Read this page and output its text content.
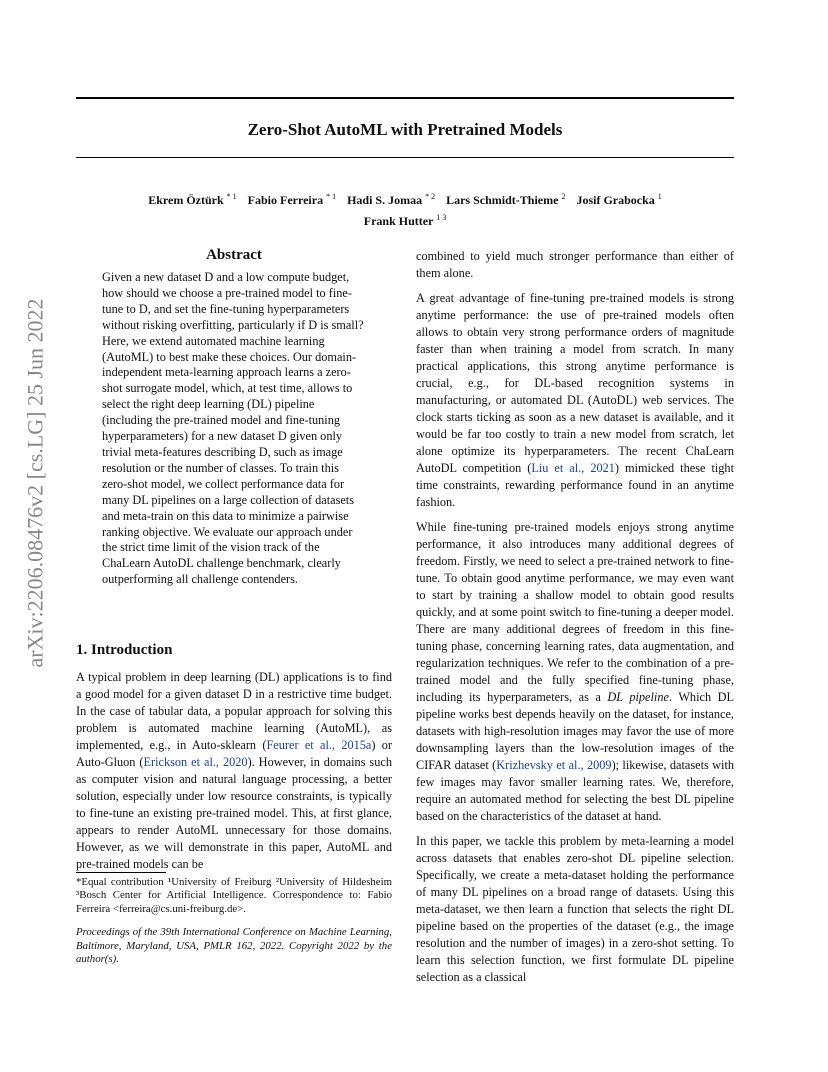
arXiv:2206.08476v2 [cs.LG] 25 Jun 2022
Zero-Shot AutoML with Pretrained Models
Ekrem Öztürk $^{* 1}$ Fabio Ferreira $^{* 1}$ Hadi S. Jomaa $^{* 2}$ Lars Schmidt-Thieme $^2$ Josif Grabocka $^1$
Frank Hutter $^{1 3}$
Abstract

Given a new dataset D and a low compute budget, how should we choose a pre-trained model to fine-tune to D, and set the fine-tuning hyperparameters without risking overfitting, particularly if D is small? Here, we extend automated machine learning (AutoML) to best make these choices. Our domain-independent meta-learning approach learns a zero-shot surrogate model, which, at test time, allows to select the right deep learning (DL) pipeline (including the pre-trained model and fine-tuning hyperparameters) for a new dataset D given only trivial meta-features describing D, such as image resolution or the number of classes. To train this zero-shot model, we collect performance data for many DL pipelines on a large collection of datasets and meta-train on this data to minimize a pairwise ranking objective. We evaluate our approach under the strict time limit of the vision track of the ChaLearn AutoDL challenge benchmark, clearly outperforming all challenge contenders.

1. Introduction

A typical problem in deep learning (DL) applications is to find a good model for a given dataset D in a restrictive time budget. In the case of tabular data, a popular approach for solving this problem is automated machine learning (AutoML), as implemented, e.g., in Auto-sklearn (Feurer et al., 2015a) or Auto-Gluon (Erickson et al., 2020). However, in domains such as computer vision and natural language processing, a better solution, especially under low resource constraints, is typically to fine-tune an existing pre-trained model. This, at first glance, appears to render AutoML unnecessary for those domains. However, as we will demonstrate in this paper, AutoML and pre-trained models can be

combined to yield much stronger performance than either of them alone.

A great advantage of fine-tuning pre-trained models is strong anytime performance: the use of pre-trained models often allows to obtain very strong performance orders of magnitude faster than when training a model from scratch. In many practical applications, this strong anytime performance is crucial, e.g., for DL-based recognition systems in manufacturing, or automated DL (AutoDL) web services. The clock starts ticking as soon as a new dataset is available, and it would be far too costly to train a new model from scratch, let alone optimize its hyperparameters. The recent ChaLearn AutoDL competition (Liu et al., 2021) mimicked these tight time constraints, rewarding performance found in an anytime fashion.

While fine-tuning pre-trained models enjoys strong anytime performance, it also introduces many additional degrees of freedom. Firstly, we need to select a pre-trained network to fine-tune. To obtain good anytime performance, we may even want to start by training a shallow model to obtain good results quickly, and at some point switch to fine-tuning a deeper model. There are many additional degrees of freedom in this fine-tuning phase, concerning learning rates, data augmentation, and regularization techniques. We refer to the combination of a pre-trained model and the fully specified fine-tuning phase, including its hyperparameters, as a DL pipeline. Which DL pipeline works best depends heavily on the dataset, for instance, datasets with high-resolution images may favor the use of more downsampling layers than the low-resolution images of the CIFAR dataset (Krizhevsky et al., 2009); likewise, datasets with few images may favor smaller learning rates. We, therefore, require an automated method for selecting the best DL pipeline based on the characteristics of the dataset at hand.

In this paper, we tackle this problem by meta-learning a model across datasets that enables zero-shot DL pipeline selection. Specifically, we create a meta-dataset holding the performance of many DL pipelines on a broad range of datasets. Using this meta-dataset, we then learn a function that selects the right DL pipeline based on the properties of the dataset (e.g., the image resolution and the number of images) in a zero-shot setting. To learn this selection function, we first formulate DL pipeline selection as a classical

*Equal contribution ¹University of Freiburg ²University of Hildesheim ³Bosch Center for Artificial Intelligence. Correspondence to: Fabio Ferreira <ferreira@cs.uni-freiburg.de>.

Proceedings of the 39th International Conference on Machine Learning, Baltimore, Maryland, USA, PMLR 162, 2022. Copyright 2022 by the author(s).
